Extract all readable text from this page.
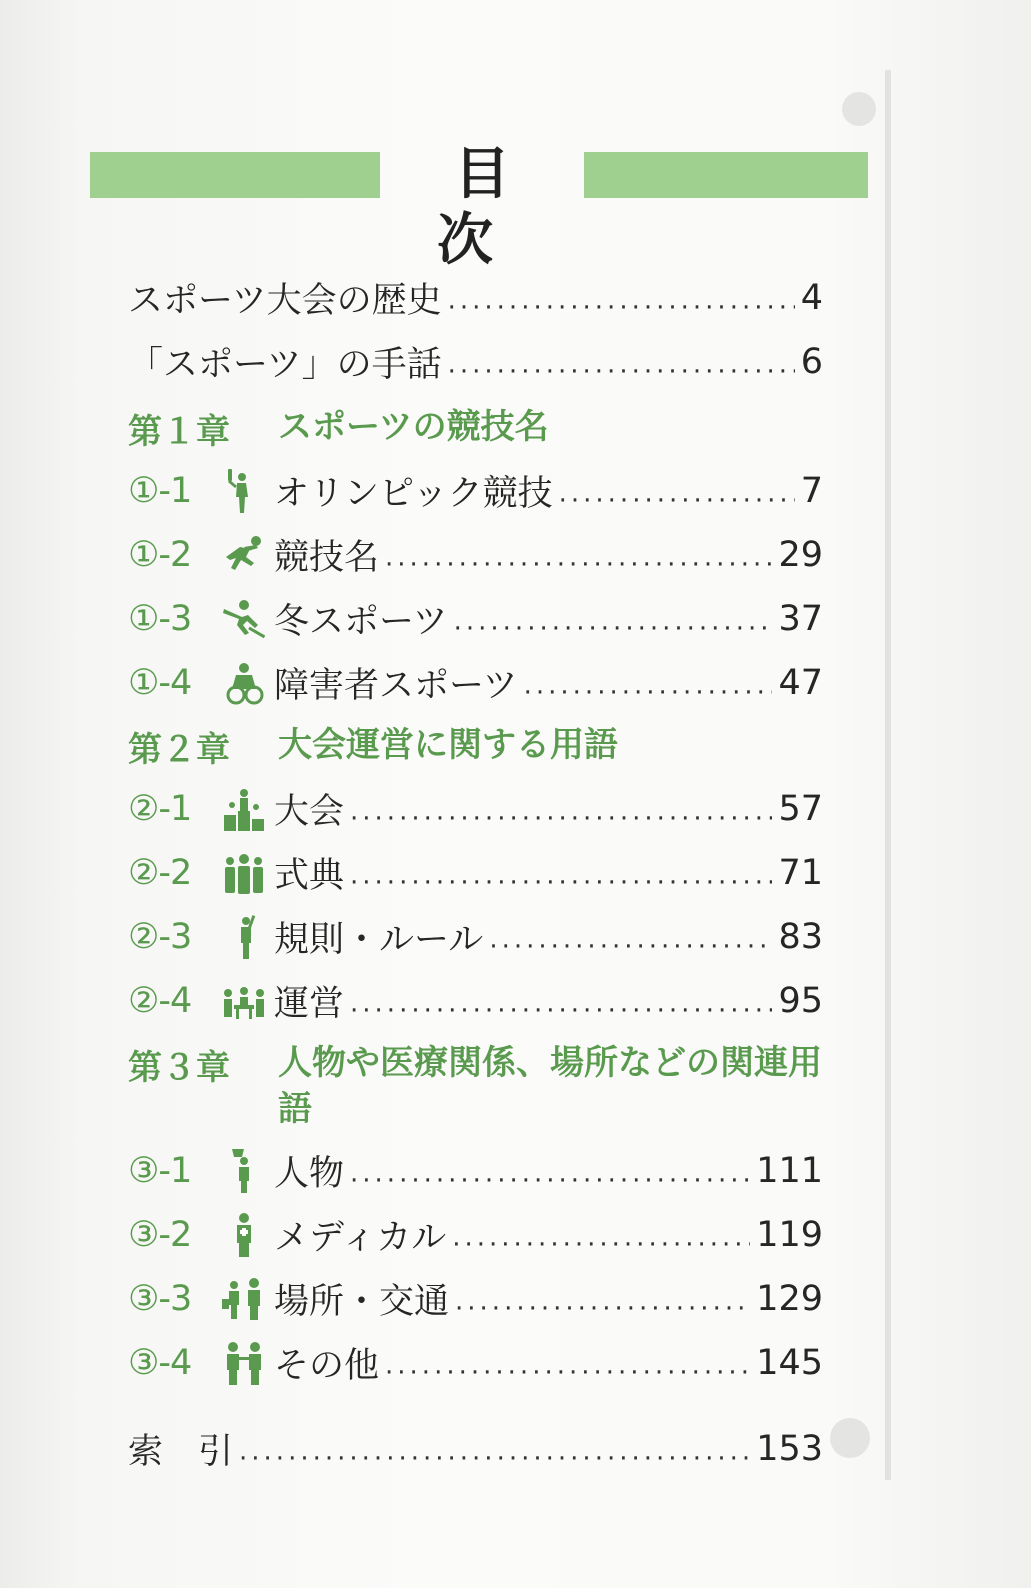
目 次
スポーツ大会の歴史 ·····	4
「スポーツ」の手話 ·····	6
第１章	スポーツの競技名
①-1	オリンピック競技 ·····	7
①-2	競技名 ·····	29
①-3	冬スポーツ ·····	37
①-4	障害者スポーツ ·····	47
第２章	大会運営に関する用語
②-1	大会 ·····	57
②-2	式典 ·····	71
②-3	規則・ルール ·····	83
②-4	運営 ·····	95
第３章	人物や医療関係、場所などの関連用語
③-1	人物 ·····	111
③-2	メディカル ·····	119
③-3	場所・交通 ·····	129
③-4	その他 ·····	145
索　引 ·····	153
